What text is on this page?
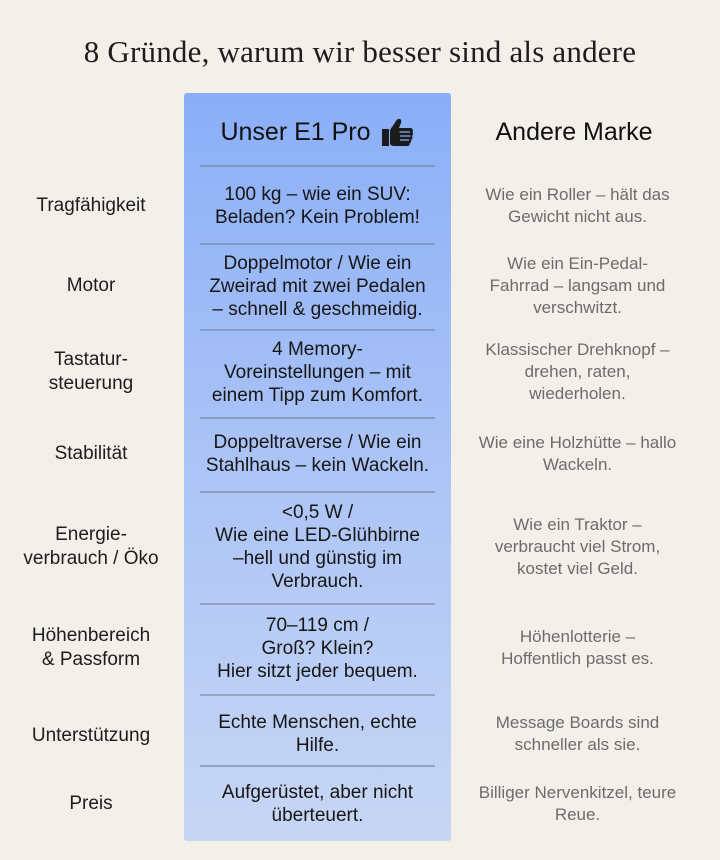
8 Gründe, warum wir besser sind als andere
Unser E1 Pro	Andere Marke
Tragfähigkeit
100 kg – wie ein SUV:
Beladen? Kein Problem!
Wie ein Roller – hält das
Gewicht nicht aus.
Motor
Doppelmotor / Wie ein
Zweirad mit zwei Pedalen
– schnell & geschmeidig.
Wie ein Ein-Pedal-
Fahrrad – langsam und
verschwitzt.
Tastatur-
steuerung
4 Memory-
Voreinstellungen – mit
einem Tipp zum Komfort.
Klassischer Drehknopf –
drehen, raten,
wiederholen.
Stabilität
Doppeltraverse / Wie ein
Stahlhaus – kein Wackeln.
Wie eine Holzhütte – hallo
Wackeln.
Energie-
verbrauch / Öko
<0,5 W /
Wie eine LED-Glühbirne
–hell und günstig im
Verbrauch.
Wie ein Traktor –
verbraucht viel Strom,
kostet viel Geld.
Höhenbereich
& Passform
70–119 cm /
Groß? Klein?
Hier sitzt jeder bequem.
Höhenlotterie –
Hoffentlich passt es.
Unterstützung
Echte Menschen, echte
Hilfe.
Message Boards sind
schneller als sie.
Preis
Aufgerüstet, aber nicht
überteuert.
Billiger Nervenkitzel, teure
Reue.
